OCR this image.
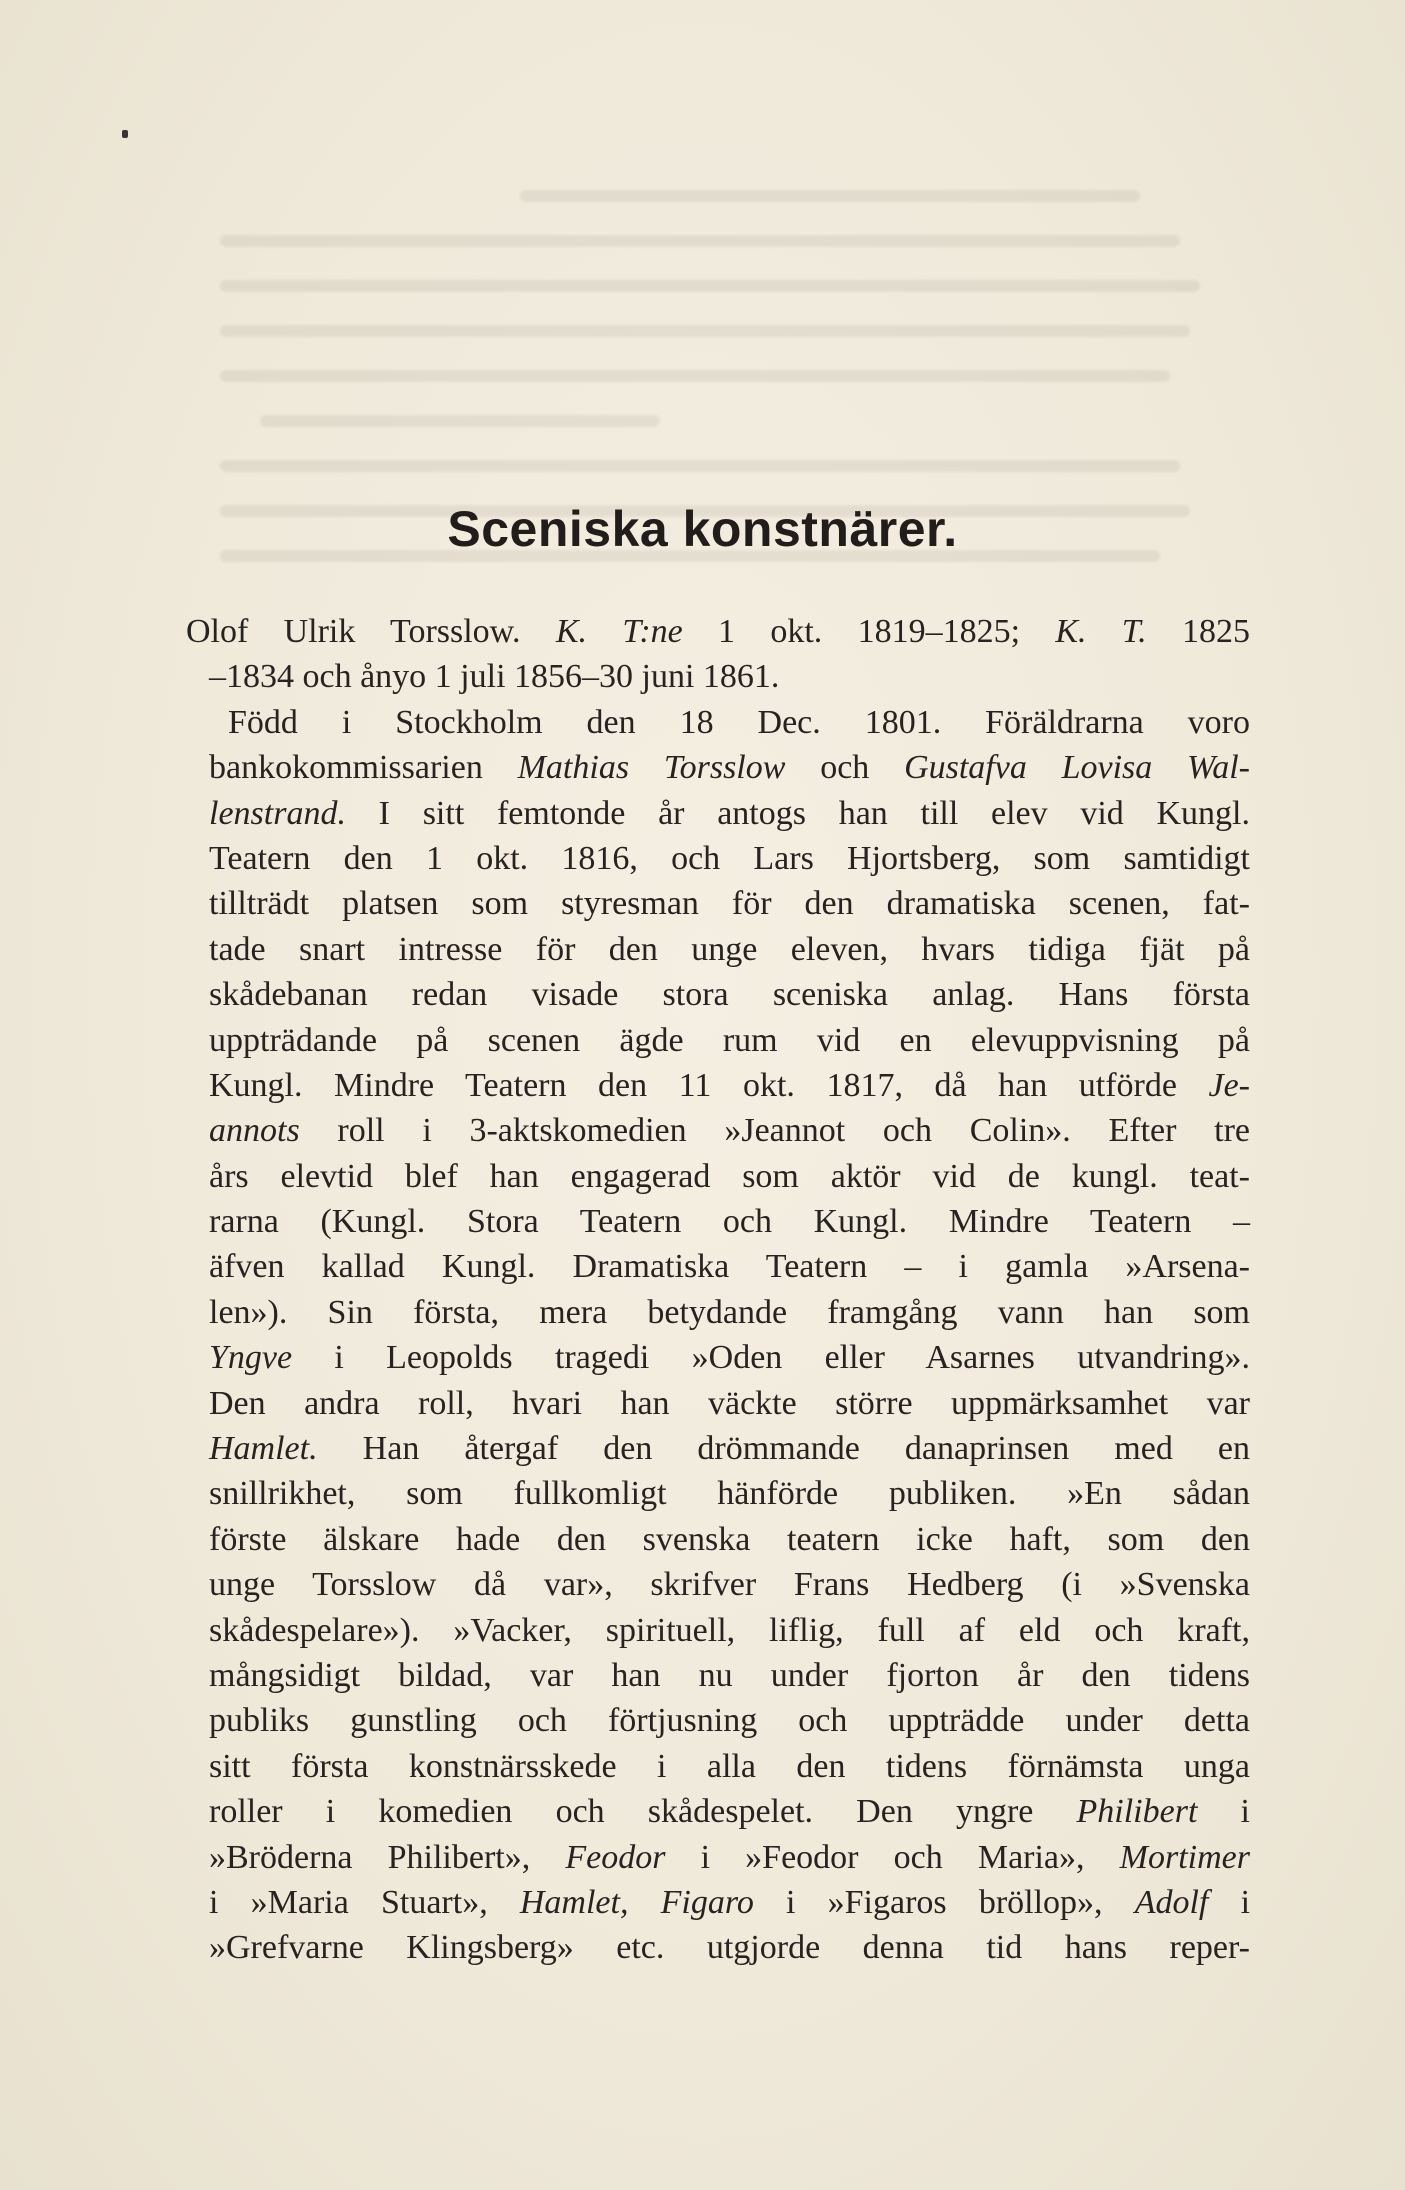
Sceniska konstnärer.
Olof Ulrik Torsslow. K. T:ne 1 okt. 1819–1825; K. T. 1825
–1834 och ånyo 1 juli 1856–30 juni 1861.
Född i Stockholm den 18 Dec. 1801. Föräldrarna voro
bankokommissarien Mathias Torsslow och Gustafva Lovisa Wal-
lenstrand. I sitt femtonde år antogs han till elev vid Kungl.
Teatern den 1 okt. 1816, och Lars Hjortsberg, som samtidigt
tillträdt platsen som styresman för den dramatiska scenen, fat-
tade snart intresse för den unge eleven, hvars tidiga fjät på
skådebanan redan visade stora sceniska anlag. Hans första
uppträdande på scenen ägde rum vid en elevuppvisning på
Kungl. Mindre Teatern den 11 okt. 1817, då han utförde Je-
annots roll i 3-aktskomedien »Jeannot och Colin». Efter tre
års elevtid blef han engagerad som aktör vid de kungl. teat-
rarna (Kungl. Stora Teatern och Kungl. Mindre Teatern –
äfven kallad Kungl. Dramatiska Teatern – i gamla »Arsena-
len»). Sin första, mera betydande framgång vann han som
Yngve i Leopolds tragedi »Oden eller Asarnes utvandring».
Den andra roll, hvari han väckte större uppmärksamhet var
Hamlet. Han återgaf den drömmande danaprinsen med en
snillrikhet, som fullkomligt hänförde publiken. »En sådan
förste älskare hade den svenska teatern icke haft, som den
unge Torsslow då var», skrifver Frans Hedberg (i »Svenska
skådespelare»). »Vacker, spirituell, liflig, full af eld och kraft,
mångsidigt bildad, var han nu under fjorton år den tidens
publiks gunstling och förtjusning och uppträdde under detta
sitt första konstnärsskede i alla den tidens förnämsta unga
roller i komedien och skådespelet. Den yngre Philibert i
»Bröderna Philibert», Feodor i »Feodor och Maria», Mortimer
i »Maria Stuart», Hamlet, Figaro i »Figaros bröllop», Adolf i
»Grefvarne Klingsberg» etc. utgjorde denna tid hans reper-
